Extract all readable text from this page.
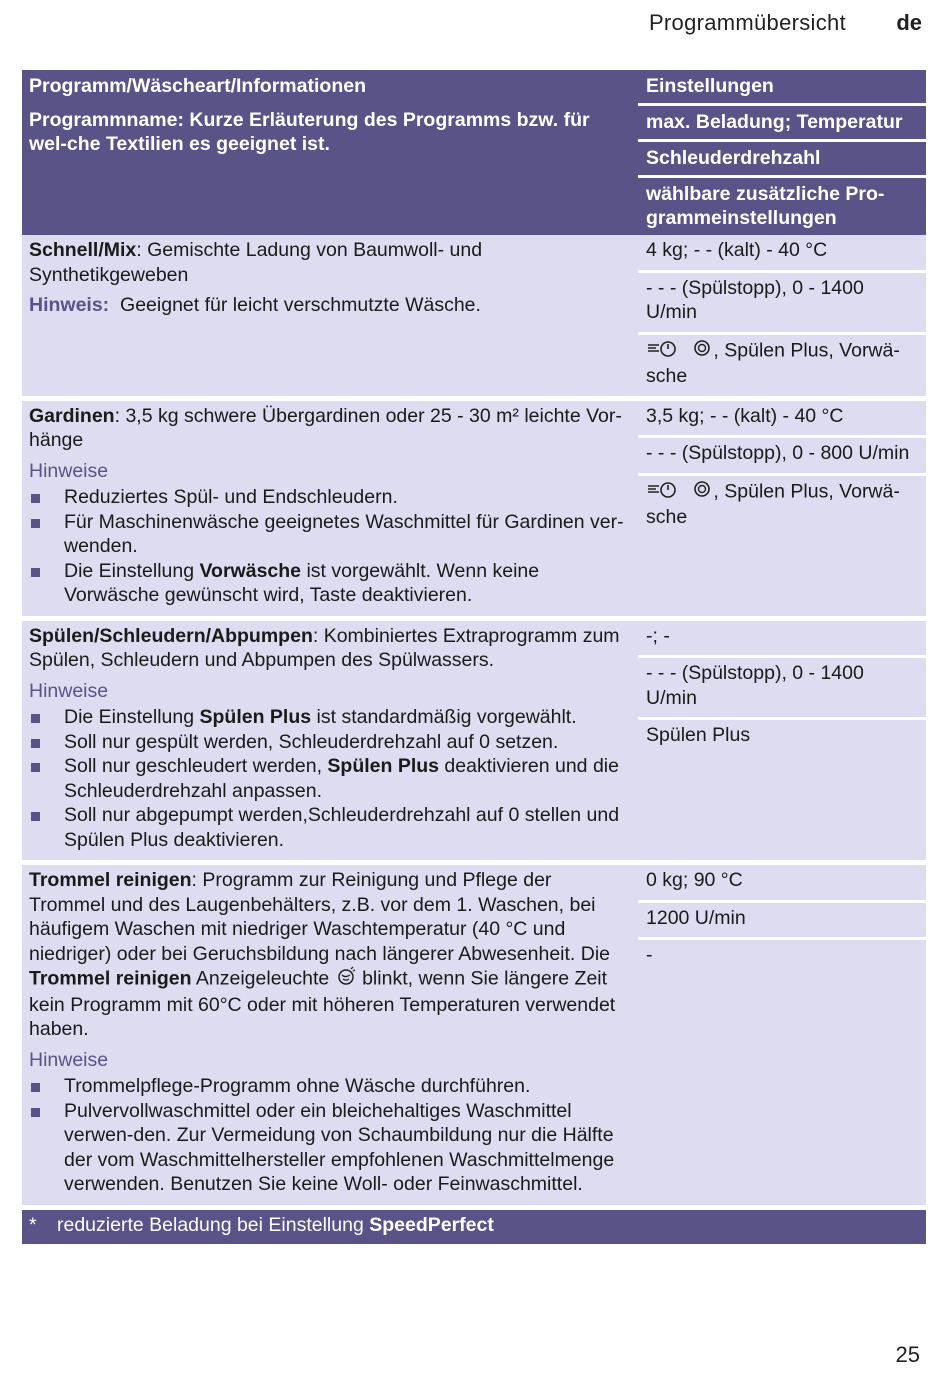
Programmübersicht de
Programm/Wäscheart/Informationen
Programmname: Kurze Erläuterung des Programms bzw. für wel-che Textilien es geeignet ist.
Einstellungen
max. Beladung; Temperatur
Schleuderdrehzahl
wählbare zusätzliche Pro-grammeinstellungen
Schnell/Mix: Gemischte Ladung von Baumwoll- und Synthetikgeweben
Hinweis: Geeignet für leicht verschmutzte Wäsche.
4 kg; - - (kalt) - 40 °C
- - - (Spülstopp), 0 - 1400 U/min
, Spülen Plus, Vorwä-sche
Gardinen: 3,5 kg schwere Übergardinen oder 25 - 30 m² leichte Vor-hänge
Hinweise
Reduziertes Spül- und Endschleudern.
Für Maschinenwäsche geeignetes Waschmittel für Gardinen ver-wenden.
Die Einstellung Vorwäsche ist vorgewählt. Wenn keine Vorwäsche gewünscht wird, Taste deaktivieren.
3,5 kg; - - (kalt) - 40 °C
- - - (Spülstopp), 0 - 800 U/min
, Spülen Plus, Vorwä-sche
Spülen/Schleudern/Abpumpen: Kombiniertes Extraprogramm zum Spülen, Schleudern und Abpumpen des Spülwassers.
Hinweise
Die Einstellung Spülen Plus ist standardmäßig vorgewählt.
Soll nur gespült werden, Schleuderdrehzahl auf 0 setzen.
Soll nur geschleudert werden, Spülen Plus deaktivieren und die Schleuderdrehzahl anpassen.
Soll nur abgepumpt werden,Schleuderdrehzahl auf 0 stellen und Spülen Plus deaktivieren.
-; -
- - - (Spülstopp), 0 - 1400 U/min
Spülen Plus
Trommel reinigen: Programm zur Reinigung und Pflege der Trommel und des Laugenbehälters, z.B. vor dem 1. Waschen, bei häufigem Waschen mit niedriger Waschtemperatur (40 °C und niedriger) oder bei Geruchsbildung nach längerer Abwesenheit. Die Trommel reinigen Anzeigeleuchte  blinkt, wenn Sie längere Zeit kein Programm mit 60°C oder mit höheren Temperaturen verwendet haben.
Hinweise
Trommelpflege-Programm ohne Wäsche durchführen.
Pulvervollwaschmittel oder ein bleichehaltiges Waschmittel verwen-den. Zur Vermeidung von Schaumbildung nur die Hälfte der vom Waschmittelhersteller empfohlenen Waschmittelmenge verwenden. Benutzen Sie keine Woll- oder Feinwaschmittel.
0 kg; 90 °C
1200 U/min
-
*	reduzierte Beladung bei Einstellung SpeedPerfect
25
